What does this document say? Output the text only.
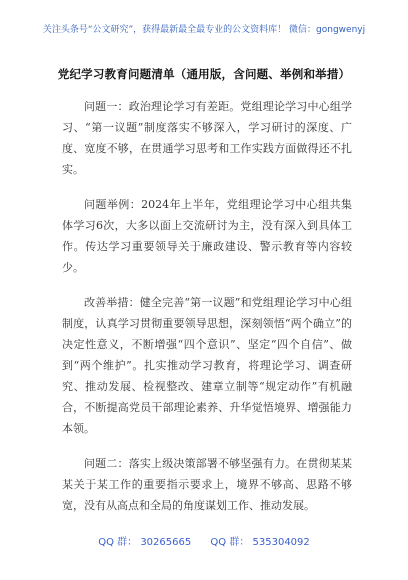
关注头条号“公文研究”，获得最新最全最专业的公文资料库！ 微信：gongwenyj
党纪学习教育问题清单（通用版，含问题、举例和举措）

问题一：政治理论学习有差距。党组理论学习中心组学习、“第一议题”制度落实不够深入，学习研讨的深度、广度、宽度不够，在贯通学习思考和工作实践方面做得还不扎实。

问题举例：2024年上半年，党组理论学习中心组共集体学习6次，大多以面上交流研讨为主，没有深入到具体工作。传达学习重要领导关于廉政建设、警示教育等内容较少。

改善举措：健全完善“第一议题”和党组理论学习中心组制度，认真学习贯彻重要领导思想，深刻领悟“两个确立”的决定性意义，不断增强“四个意识”、坚定“四个自信”、做到“两个维护”。扎实推动学习教育，将理论学习、调查研究、推动发展、检视整改、建章立制等“规定动作”有机融合，不断提高党员干部理论素养、升华觉悟境界、增强能力本领。

问题二：落实上级决策部署不够坚强有力。在贯彻某某某关于某工作的重要指示要求上，境界不够高、思路不够宽，没有从高点和全局的角度谋划工作、推动发展。

QQ 群： 30265665 QQ 群： 535304092
